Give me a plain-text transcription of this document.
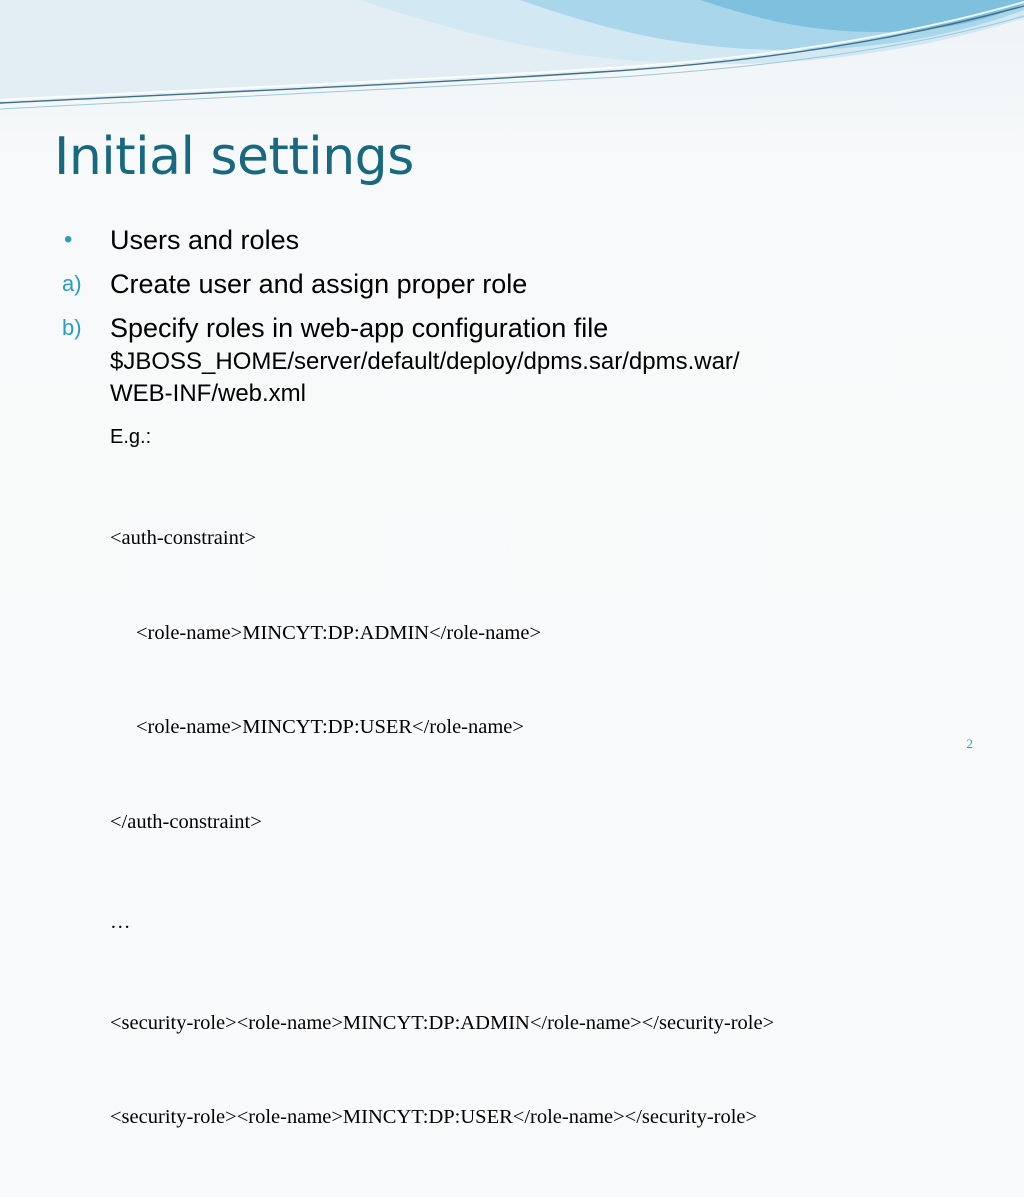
Initial settings
• Users and roles
a) Create user and assign proper role
b) Specify roles in web-app configuration file
$JBOSS_HOME/server/default/deploy/dpms.sar/dpms.war/
WEB-INF/web.xml
E.g.:

<auth-constraint>

<role-name>MINCYT:DP:ADMIN</role-name>

<role-name>MINCYT:DP:USER</role-name>

</auth-constraint>

…

<security-role><role-name>MINCYT:DP:ADMIN</role-name></security-role>

<security-role><role-name>MINCYT:DP:USER</role-name></security-role>

2
